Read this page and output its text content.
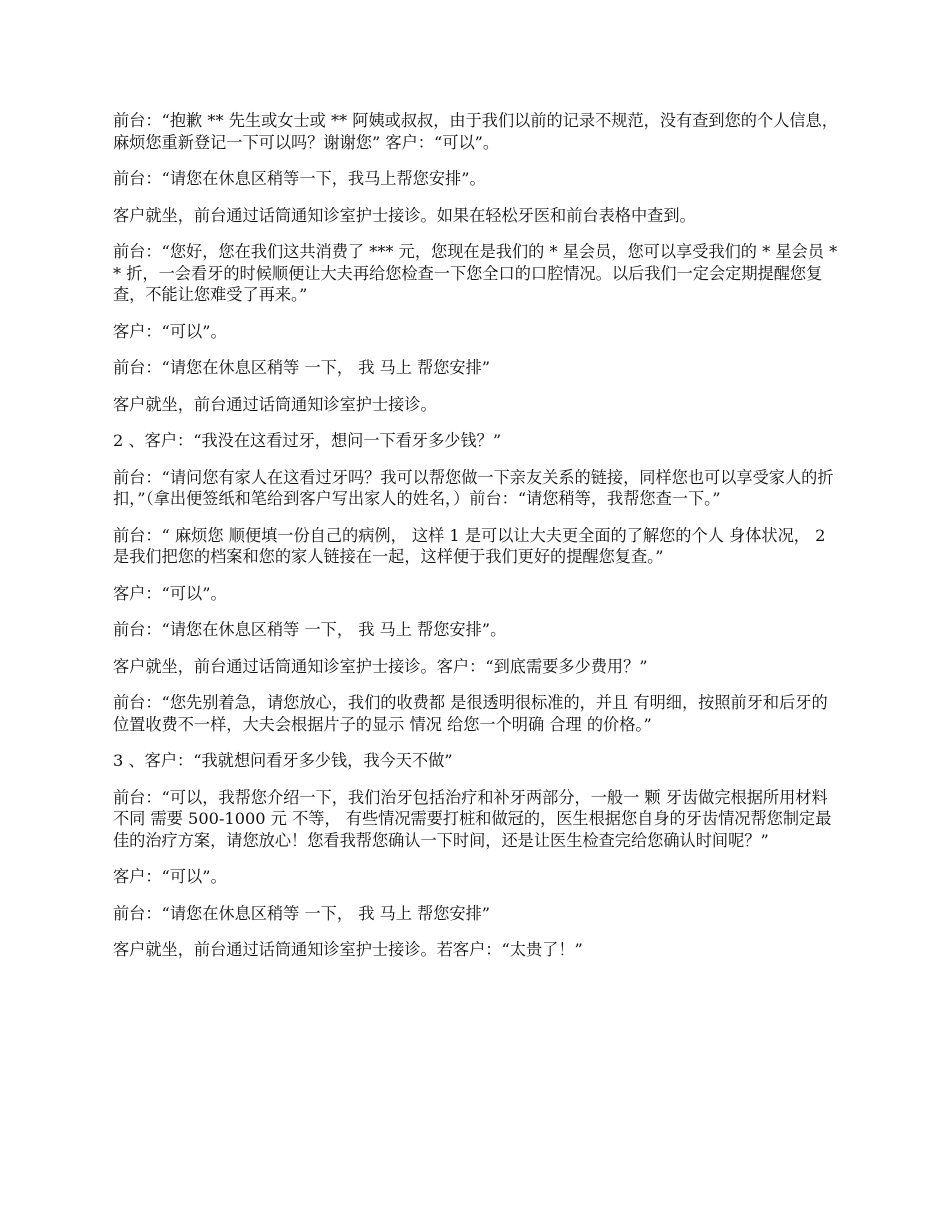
前台：“抱歉 ** 先生或女士或 ** 阿姨或叔叔，由于我们以前的记录不规范，没有查到您的个人信息，麻烦您重新登记一下可以吗？谢谢您” 客户：“可以”。

前台：“请您在休息区稍等一下，我马上帮您安排”。

客户就坐，前台通过话筒通知诊室护士接诊。如果在轻松牙医和前台表格中查到。

前台：“您好，您在我们这共消费了 *** 元，您现在是我们的 * 星会员，您可以享受我们的 * 星会员 ** 折，一会看牙的时候顺便让大夫再给您检查一下您全口的口腔情况。以后我们一定会定期提醒您复查，不能让您难受了再来。”

客户：“可以”。

前台：“请您在休息区稍等 一下， 我 马上 帮您安排”

客户就坐，前台通过话筒通知诊室护士接诊。

2 、客户：“我没在这看过牙，想问一下看牙多少钱？”

前台：“请问您有家人在这看过牙吗？我可以帮您做一下亲友关系的链接，同样您也可以享受家人的折扣，”（拿出便签纸和笔给到客户写出家人的姓名，）前台：“请您稍等，我帮您查一下。”

前台：“ 麻烦您 顺便填一份自己的病例， 这样 1 是可以让大夫更全面的了解您的个人 身体状况， 2 是我们把您的档案和您的家人链接在一起，这样便于我们更好的提醒您复查。”

客户：“可以”。

前台：“请您在休息区稍等 一下， 我 马上 帮您安排”。

客户就坐，前台通过话筒通知诊室护士接诊。客户：“到底需要多少费用？”

前台：“您先别着急，请您放心，我们的收费都 是很透明很标准的，并且 有明细，按照前牙和后牙的位置收费不一样，大夫会根据片子的显示 情况 给您一个明确 合理 的价格。”

3 、客户：“我就想问看牙多少钱，我今天不做”

前台：“可以，我帮您介绍一下，我们治牙包括治疗和补牙两部分，一般一 颗 牙齿做完根据所用材料不同 需要 500-1000 元 不等， 有些情况需要打桩和做冠的，医生根据您自身的牙齿情况帮您制定最佳的治疗方案，请您放心！您看我帮您确认一下时间，还是让医生检查完给您确认时间呢？”

客户：“可以”。

前台：“请您在休息区稍等 一下， 我 马上 帮您安排”

客户就坐，前台通过话筒通知诊室护士接诊。若客户：“太贵了！”
